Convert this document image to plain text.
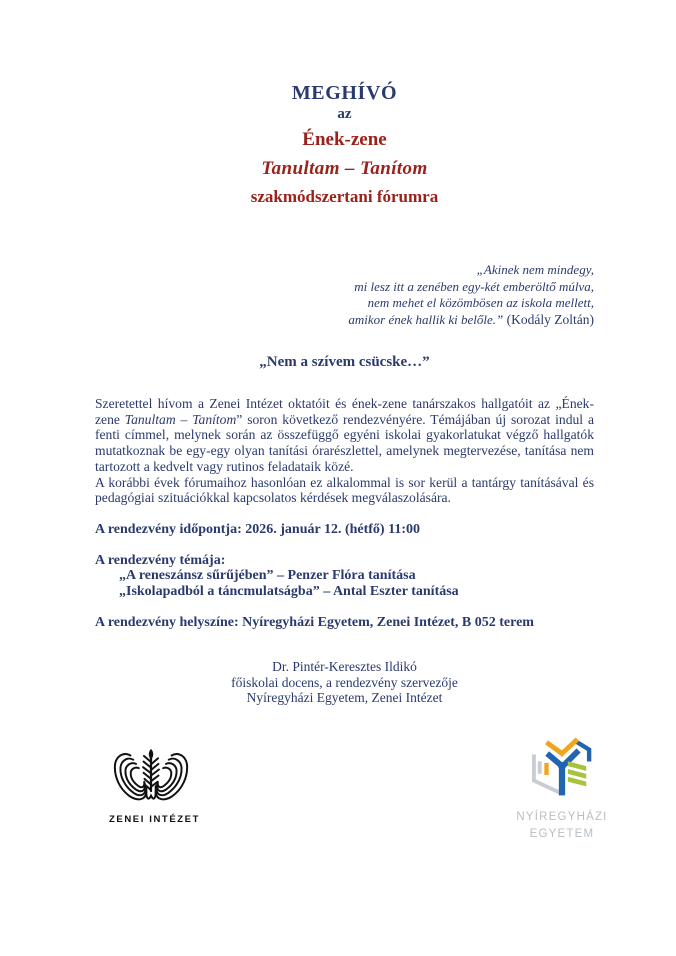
MEGHÍVÓ
az
Ének-zene
Tanultam – Tanítom
szakmódszertani fórumra
„Akinek nem mindegy,
mi lesz itt a zenében egy-két emberöltő múlva,
nem mehet el közömbösen az iskola mellett,
amikor ének hallik ki belőle.” (Kodály Zoltán)
„Nem a szívem csücske…”

Szeretettel hívom a Zenei Intézet oktatóit és ének-zene tanárszakos hallgatóit az „Ének-zene Tanultam – Tanítom” soron következő rendezvényére. Témájában új sorozat indul a fenti címmel, melynek során az összefüggő egyéni iskolai gyakorlatukat végző hallgatók mutatkoznak be egy-egy olyan tanítási órarészlettel, amelynek megtervezése, tanítása nem tartozott a kedvelt vagy rutinos feladataik közé.

A korábbi évek fórumaihoz hasonlóan ez alkalommal is sor kerül a tantárgy tanításával és pedagógiai szituációkkal kapcsolatos kérdések megválaszolására.

A rendezvény időpontja: 2026. január 12. (hétfő) 11:00

A rendezvény témája:

„A reneszánsz sűrűjében” – Penzer Flóra tanítása
„Iskolapadból a táncmulatságba” – Antal Eszter tanítása

A rendezvény helyszíne: Nyíregyházi Egyetem, Zenei Intézet, B 052 terem

Dr. Pintér-Keresztes Ildikó
főiskolai docens, a rendezvény szervezője
Nyíregyházi Egyetem, Zenei Intézet
ZENEI INTÉZET	NYÍREGYHÁZI
EGYETEM
